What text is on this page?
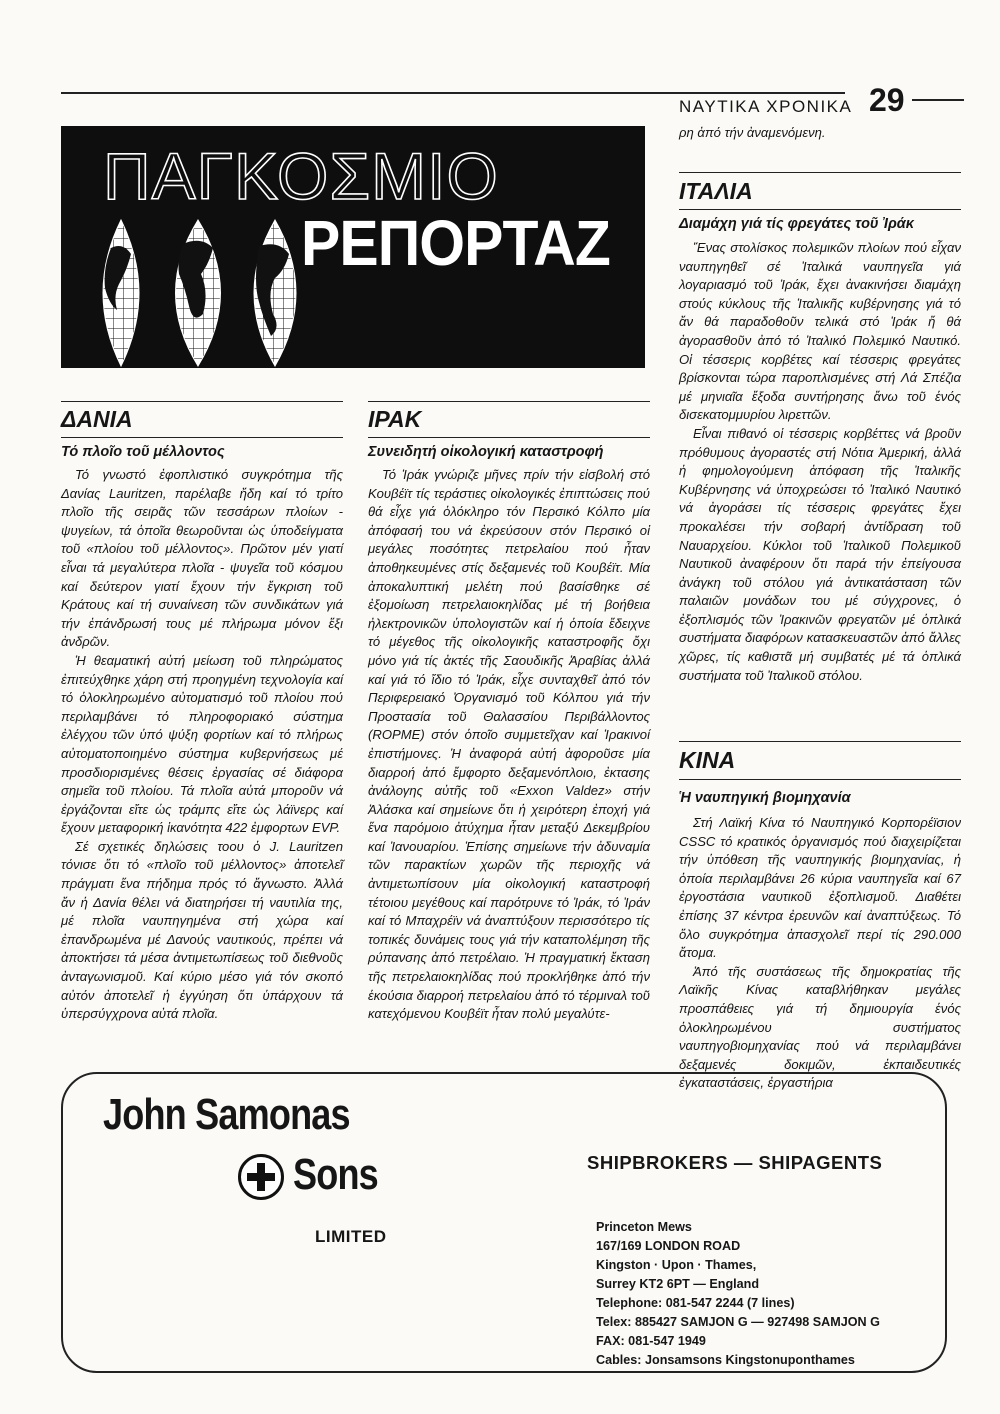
ΝΑΥΤΙΚΑ ΧΡΟΝΙΚΑ 29
ΠΑΓΚΟΣΜΙΟ
ΡΕΠΟΡΤΑΖ
ΔΑΝΙΑ
Τό πλοῖο τοῦ μέλλοντος

Τό γνωστό ἐφοπλιστικό συγκρότημα τῆς Δανίας Lauritzen, παρέλαβε ἤδη καί τό τρίτο πλοῖο τῆς σειρᾶς τῶν τεσσάρων πλοίων - ψυγείων, τά ὁποῖα θεωροῦνται ὡς ὑποδείγματα τοῦ «πλοίου τοῦ μέλλοντος». Πρῶτον μέν γιατί εἶναι τά μεγαλύτερα πλοῖα - ψυγεῖα τοῦ κόσμου καί δεύτερον γιατί ἔχουν τήν ἔγκριση τοῦ Κράτους καί τή συναίνεση τῶν συνδικάτων γιά τήν ἐπάνδρωσή τους μέ πλήρωμα μόνον ἕξι ἀνδρῶν.

Ἡ θεαματική αὐτή μείωση τοῦ πληρώματος ἐπιτεύχθηκε χάρη στή προηγμένη τεχνολογία καί τό ὁλοκληρωμένο αὐτοματισμό τοῦ πλοίου πού περιλαμβάνει τό πληροφοριακό σύστημα ἐλέγχου τῶν ὑπό ψύξη φορτίων καί τό πλήρως αὐτοματοποιημένο σύστημα κυβερνήσεως μέ προσδιορισμένες θέσεις ἐργασίας σέ διάφορα σημεῖα τοῦ πλοίου. Τά πλοῖα αὐτά μποροῦν νά ἐργάζονται εἴτε ὡς τράμπς εἴτε ὡς λάϊνερς καί ἔχουν μεταφορική ἱκανότητα 422 ἐμφορτων EVP.

Σέ σχετικές δηλώσεις τοου ὁ J. Lauritzen τόνισε ὅτι τό «πλοῖο τοῦ μέλλοντος» ἀποτελεῖ πράγματι ἕνα πήδημα πρός τό ἄγνωστο. Ἀλλά ἄν ἡ Δανία θέλει νά διατηρήσει τή ναυτιλία της, μέ πλοῖα ναυπηγημένα στή χώρα καί ἐπανδρωμένα μέ Δανούς ναυτικούς, πρέπει νά ἀποκτήσει τά μέσα ἀντιμετωπίσεως τοῦ διεθνοῦς ἀνταγωνισμοῦ. Καί κύριο μέσο γιά τόν σκοπό αὐτόν ἀποτελεῖ ἡ ἐγγύηση ὅτι ὑπάρχουν τά ὑπερσύγχρονα αὐτά πλοῖα.

ΙΡΑΚ
Συνειδητή οἰκολογική καταστροφή

Τό Ἰράκ γνώριζε μῆνες πρίν τήν εἰσβολή στό Κουβέϊτ τίς τεράστιες οἰκολογικές ἐπιπτώσεις πού θά εἶχε γιά ὁλόκληρο τόν Περσικό Κόλπο μία ἀπόφασή του νά ἐκρεύσουν στόν Περσικό οἱ μεγάλες ποσότητες πετρελαίου πού ἦταν ἀποθηκευμένες στίς δεξαμενές τοῦ Κουβέϊτ. Μία ἀποκαλυπτική μελέτη πού βασίσθηκε σέ ἐξομοίωση πετρελαιοκηλίδας μέ τή βοήθεια ἠλεκτρονικῶν ὑπολογιστῶν καί ἡ ὁποία ἔδειχνε τό μέγεθος τῆς οἰκολογικῆς καταστροφῆς ὄχι μόνο γιά τίς ἀκτές τῆς Σαουδικῆς Ἀραβίας ἀλλά καί γιά τό ἴδιο τό Ἰράκ, εἶχε συνταχθεῖ ἀπό τόν Περιφερειακό Ὀργανισμό τοῦ Κόλπου γιά τήν Προστασία τοῦ Θαλασσίου Περιβάλλοντος (ROPME) στόν ὁποῖο συμμετεῖχαν καί Ἰρακινοί ἐπιστήμονες. Ἡ ἀναφορά αὐτή ἀφοροῦσε μία διαρροή ἀπό ἔμφορτο δεξαμενόπλοιο, ἐκτασης ἀνάλογης αὐτῆς τοῦ «Exxon Valdez» στήν Ἀλάσκα καί σημείωνε ὅτι ἡ χειρότερη ἐποχή γιά ἕνα παρόμοιο ἀτύχημα ἦταν μεταξύ Δεκεμβρίου καί Ἰανουαρίου. Ἐπίσης σημείωνε τήν ἀδυναμία τῶν παρακτίων χωρῶν τῆς περιοχῆς νά ἀντιμετωπίσουν μία οἰκολογική καταστροφή τέτοιου μεγέθους καί παρότρυνε τό Ἰράκ, τό Ἰράν καί τό Μπαχρέϊν νά ἀναπτύξουν περισσότερο τίς τοπικές δυνάμεις τους γιά τήν καταπολέμηση τῆς ρύπανσης ἀπό πετρέλαιο. Ἡ πραγματική ἔκταση τῆς πετρελαιοκηλίδας πού προκλήθηκε ἀπό τήν ἑκούσια διαρροή πετρελαίου ἀπό τό τέρμιναλ τοῦ κατεχόμενου Κουβέϊτ ἦταν πολύ μεγαλύτε-

ρη ἀπό τήν ἀναμενόμενη.

ΙΤΑΛΙΑ
Διαμάχη γιά τίς φρεγάτες τοῦ Ἰράκ

Ἕνας στολίσκος πολεμικῶν πλοίων πού εἶχαν ναυπηγηθεῖ σέ Ἰταλικά ναυπηγεῖα γιά λογαριασμό τοῦ Ἰράκ, ἔχει ἀνακινήσει διαμάχη στούς κύκλους τῆς Ἰταλικῆς κυβέρνησης γιά τό ἄν θά παραδοθοῦν τελικά στό Ἰράκ ἤ θά ἀγορασθοῦν ἀπό τό Ἰταλικό Πολεμικό Ναυτικό. Οἱ τέσσερις κορβέτες καί τέσσερις φρεγάτες βρίσκονται τώρα παροπλισμένες στή Λά Σπέζια μέ μηνιαῖα ἔξοδα συντήρησης ἄνω τοῦ ἑνός δισεκατομμυρίου λιρεττῶν.

Εἶναι πιθανό οἱ τέσσερις κορβέττες νά βροῦν πρόθυμους ἀγοραστές στή Νότια Ἀμερική, ἀλλά ἡ φημολογούμενη ἀπόφαση τῆς Ἰταλικῆς Κυβέρνησης νά ὑποχρεώσει τό Ἰταλικό Ναυτικό νά ἀγοράσει τίς τέσσερις φρεγάτες ἔχει προκαλέσει τήν σοβαρή ἀντίδραση τοῦ Ναυαρχείου. Κύκλοι τοῦ Ἰταλικοῦ Πολεμικοῦ Ναυτικοῦ ἀναφέρουν ὅτι παρά τήν ἐπείγουσα ἀνάγκη τοῦ στόλου γιά ἀντικατάσταση τῶν παλαιῶν μονάδων του μέ σύγχρονες, ὁ ἐξοπλισμός τῶν Ἰρακινῶν φρεγατῶν μέ ὁπλικά συστήματα διαφόρων κατασκευαστῶν ἀπό ἄλλες χῶρες, τίς καθιστᾶ μή συμβατές μέ τά ὁπλικά συστήματα τοῦ Ἰταλικοῦ στόλου.

ΚΙΝΑ
Ἡ ναυπηγική βιομηχανία

Στή Λαϊκή Κίνα τό Ναυπηγικό Κορπορέϊσιον CSSC τό κρατικός ὀργανισμός πού διαχειρίζεται τήν ὑπόθεση τῆς ναυπηγικής βιομηχανίας, ἡ ὁποία περιλαμβάνει 26 κύρια ναυπηγεῖα καί 67 ἐργοστάσια ναυτικοῦ ἐξοπλισμοῦ. Διαθέτει ἐπίσης 37 κέντρα ἐρευνῶν καί ἀναπτύξεως. Τό ὅλο συγκρότημα ἀπασχολεῖ περί τίς 290.000 ἄτομα.

Ἀπό τῆς συστάσεως τῆς δημοκρατίας τῆς Λαϊκῆς Κίνας καταβλήθηκαν μεγάλες προσπάθειες γιά τή δημιουργία ἑνός ὁλοκληρωμένου συστήματος ναυπηγοβιομηχανίας πού νά περιλαμβάνει δεξαμενές δοκιμῶν, ἐκπαιδευτικές ἐγκαταστάσεις, ἐργαστήρια

John Samonas
Sons
LIMITED
SHIPBROKERS — SHIPAGENTS
Princeton Mews
167/169 LONDON ROAD
Kingston · Upon · Thames,
Surrey KT2 6PT — England
Telephone: 081-547 2244 (7 lines)
Telex: 885427 SAMJON G — 927498 SAMJON G
FAX: 081-547 1949
Cables: Jonsamsons Kingstonuponthames
